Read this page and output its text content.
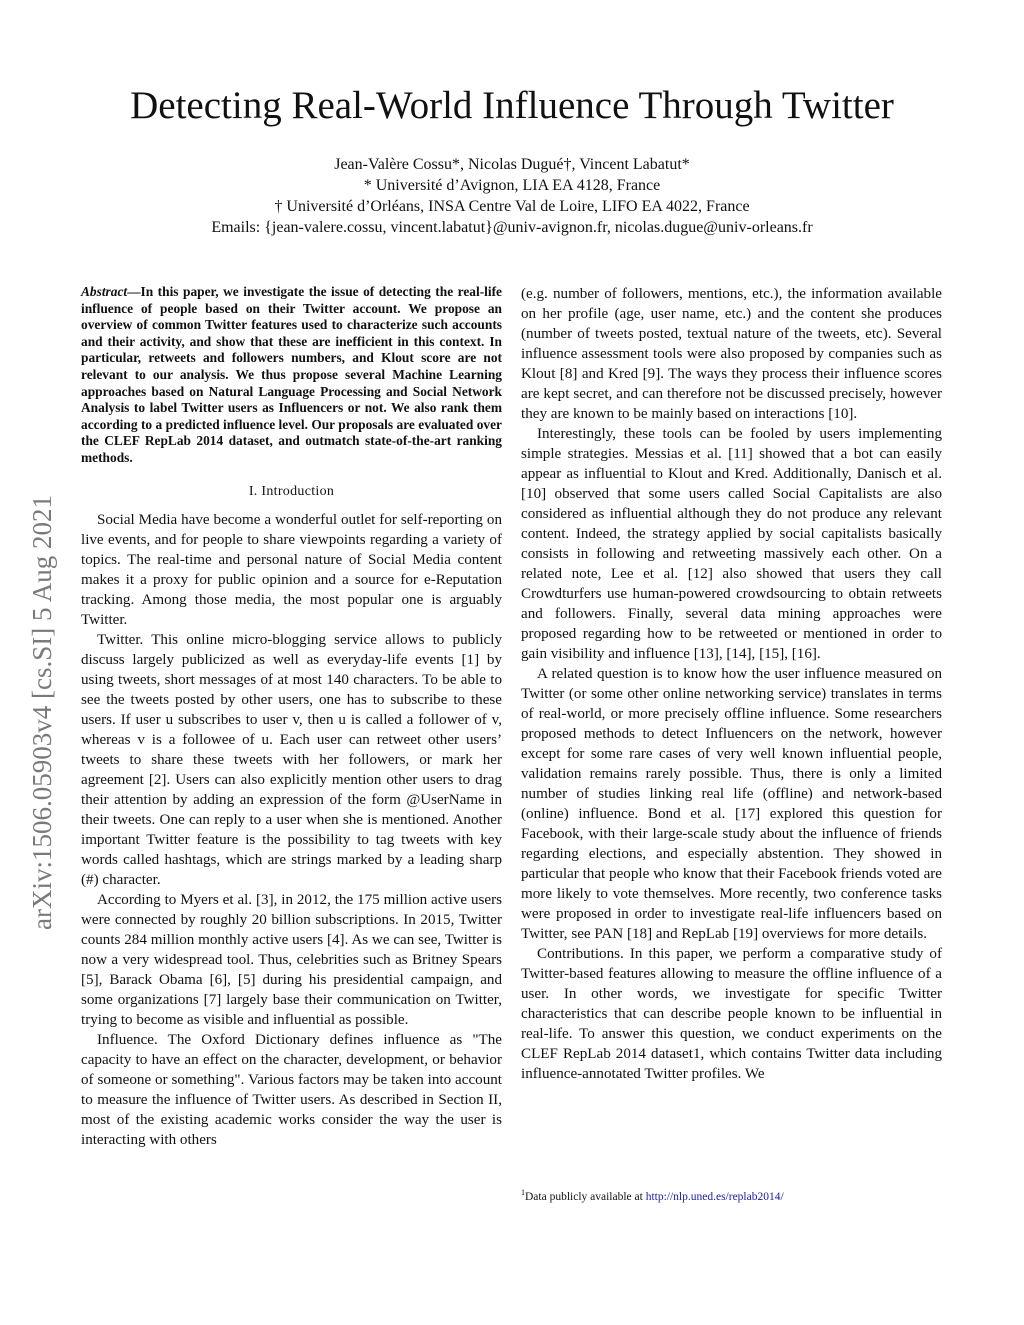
Detecting Real-World Influence Through Twitter
Jean-Valère Cossu*, Nicolas Dugué†, Vincent Labatut*
* Université d’Avignon, LIA EA 4128, France
† Université d’Orléans, INSA Centre Val de Loire, LIFO EA 4022, France
Emails: {jean-valere.cossu, vincent.labatut}@univ-avignon.fr, nicolas.dugue@univ-orleans.fr
arXiv:1506.05903v4 [cs.SI] 5 Aug 2021

Abstract—In this paper, we investigate the issue of detecting the real-life influence of people based on their Twitter account. We propose an overview of common Twitter features used to characterize such accounts and their activity, and show that these are inefficient in this context. In particular, retweets and followers numbers, and Klout score are not relevant to our analysis. We thus propose several Machine Learning approaches based on Natural Language Processing and Social Network Analysis to label Twitter users as Influencers or not. We also rank them according to a predicted influence level. Our proposals are evaluated over the CLEF RepLab 2014 dataset, and outmatch state-of-the-art ranking methods.

I. Introduction

Social Media have become a wonderful outlet for self-reporting on live events, and for people to share viewpoints regarding a variety of topics. The real-time and personal nature of Social Media content makes it a proxy for public opinion and a source for e-Reputation tracking. Among those media, the most popular one is arguably Twitter.

Twitter. This online micro-blogging service allows to publicly discuss largely publicized as well as everyday-life events [1] by using tweets, short messages of at most 140 characters. To be able to see the tweets posted by other users, one has to subscribe to these users. If user u subscribes to user v, then u is called a follower of v, whereas v is a followee of u. Each user can retweet other users’ tweets to share these tweets with her followers, or mark her agreement [2]. Users can also explicitly mention other users to drag their attention by adding an expression of the form @UserName in their tweets. One can reply to a user when she is mentioned. Another important Twitter feature is the possibility to tag tweets with key words called hashtags, which are strings marked by a leading sharp (#) character.

According to Myers et al. [3], in 2012, the 175 million active users were connected by roughly 20 billion subscriptions. In 2015, Twitter counts 284 million monthly active users [4]. As we can see, Twitter is now a very widespread tool. Thus, celebrities such as Britney Spears [5], Barack Obama [6], [5] during his presidential campaign, and some organizations [7] largely base their communication on Twitter, trying to become as visible and influential as possible.

Influence. The Oxford Dictionary defines influence as "The capacity to have an effect on the character, development, or behavior of someone or something". Various factors may be taken into account to measure the influence of Twitter users. As described in Section II, most of the existing academic works consider the way the user is interacting with others

(e.g. number of followers, mentions, etc.), the information available on her profile (age, user name, etc.) and the content she produces (number of tweets posted, textual nature of the tweets, etc). Several influence assessment tools were also proposed by companies such as Klout [8] and Kred [9]. The ways they process their influence scores are kept secret, and can therefore not be discussed precisely, however they are known to be mainly based on interactions [10].

Interestingly, these tools can be fooled by users implementing simple strategies. Messias et al. [11] showed that a bot can easily appear as influential to Klout and Kred. Additionally, Danisch et al. [10] observed that some users called Social Capitalists are also considered as influential although they do not produce any relevant content. Indeed, the strategy applied by social capitalists basically consists in following and retweeting massively each other. On a related note, Lee et al. [12] also showed that users they call Crowdturfers use human-powered crowdsourcing to obtain retweets and followers. Finally, several data mining approaches were proposed regarding how to be retweeted or mentioned in order to gain visibility and influence [13], [14], [15], [16].

A related question is to know how the user influence measured on Twitter (or some other online networking service) translates in terms of real-world, or more precisely offline influence. Some researchers proposed methods to detect Influencers on the network, however except for some rare cases of very well known influential people, validation remains rarely possible. Thus, there is only a limited number of studies linking real life (offline) and network-based (online) influence. Bond et al. [17] explored this question for Facebook, with their large-scale study about the influence of friends regarding elections, and especially abstention. They showed in particular that people who know that their Facebook friends voted are more likely to vote themselves. More recently, two conference tasks were proposed in order to investigate real-life influencers based on Twitter, see PAN [18] and RepLab [19] overviews for more details.

Contributions. In this paper, we perform a comparative study of Twitter-based features allowing to measure the offline influence of a user. In other words, we investigate for specific Twitter characteristics that can describe people known to be influential in real-life. To answer this question, we conduct experiments on the CLEF RepLab 2014 dataset1, which contains Twitter data including influence-annotated Twitter profiles. We

$^1$Data publicly available at http://nlp.uned.es/replab2014/
